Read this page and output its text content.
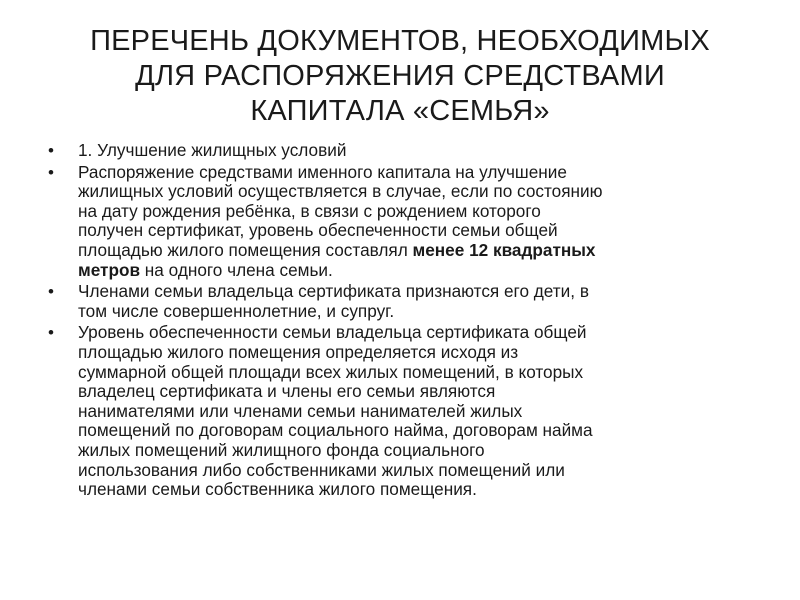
ПЕРЕЧЕНЬ ДОКУМЕНТОВ, НЕОБХОДИМЫХ
ДЛЯ РАСПОРЯЖЕНИЯ СРЕДСТВАМИ
КАПИТАЛА «СЕМЬЯ»
• 1. Улучшение жилищных условий
• Распоряжение средствами именного капитала на улучшение
жилищных условий осуществляется в случае, если по состоянию
на дату рождения ребёнка, в связи с рождением которого
получен сертификат, уровень обеспеченности семьи общей
площадью жилого помещения составлял менее 12 квадратных
метров на одного члена семьи.
• Членами семьи владельца сертификата признаются его дети, в
том числе совершеннолетние, и супруг.
• Уровень обеспеченности семьи владельца сертификата общей
площадью жилого помещения определяется исходя из
суммарной общей площади всех жилых помещений, в которых
владелец сертификата и члены его семьи являются
нанимателями или членами семьи нанимателей жилых
помещений по договорам социального найма, договорам найма
жилых помещений жилищного фонда социального
использования либо собственниками жилых помещений или
членами семьи собственника жилого помещения.
